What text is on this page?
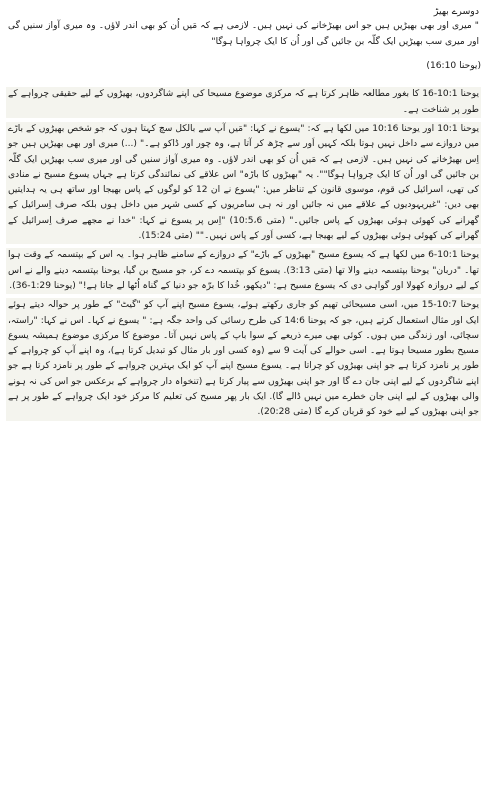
دوسرے بھیڑ

" میری اور بھی بھیڑیں ہیں جو اس بھیڑخانے کی نہیں ہیں۔ لازمی ہے کہ مَیں اُن کو بھی اندر لاؤں۔ وہ میری آواز سنیں گی اور میری سب بھیڑیں ایک گلّہ بن جائیں گی اور اُن کا ایک چرواہا ہوگا"

(یوحنا 16:10)

یوحنا 10:1-16 کا بغور مطالعہ ظاہر کرتا ہے کہ مرکزی موضوع مسیحا کی اپنے شاگردوں، بھیڑوں کے لیے حقیقی چرواہے کے طور پر شناخت ہے۔

یوحنا 10:1 اور یوحنا 10:16 میں لکھا ہے کہ: "یسوع نے کہا: "مَیں آپ سے بالکل سچ کہتا ہوں کہ جو شخص بھیڑوں کے باڑے میں دروازے سے داخل نہیں ہوتا بلکہ کہیں اَور سے چڑھ کر آتا ہے، وہ چور اور ڈاکو ہے۔" (...) میری اور بھی بھیڑیں ہیں جو اِس بھیڑخانے کی نہیں ہیں۔ لازمی ہے کہ مَیں اُن کو بھی اندر لاؤں۔ وہ میری آواز سنیں گی اور میری سب بھیڑیں ایک گلّہ بن جائیں گی اور اُن کا ایک چرواہا ہوگا"". یہ "بھیڑوں کا باڑہ" اس علاقے کی نمائندگی کرتا ہے جہاں یسوع مسیح نے منادی کی تھی، اسرائیل کی قوم، موسوی قانون کے تناظر میں: "یسوع نے ان 12 کو لوگوں کے پاس بھیجا اور ساتھ ہی یہ ہدایتیں بھی دیں: "غیریہودیوں کے علاقے میں نہ جائیں اور نہ ہی سامریوں کے کسی شہر میں داخل ہوں بلکہ صرف اِسرائیل کے گھرانے کی کھوئی ہوئی بھیڑوں کے پاس جائیں۔" (متی 10:5،6) "اِس پر یسوع نے کہا: "خدا نے مجھے صرف اِسرائیل کے گھرانے کی کھوئی ہوئی بھیڑوں کے لیے بھیجا ہے، کسی اَور کے پاس نہیں۔"" (متی 15:24).

یوحنا 10:1-6 میں لکھا ہے کہ یسوع مسیح "بھیڑوں کے باڑے" کے دروازے کے سامنے ظاہر ہوا۔ یہ اس کے بپتسمہ کے وقت ہوا تھا۔ "دربان" یوحنا بپتسمہ دینے والا تھا (متی 3:13). یسوع کو بپتسمہ دے کر، جو مسیح بن گیا، یوحنا بپتسمہ دینے والے نے اس کے لیے دروازہ کھولا اور گواہی دی کہ یسوع مسیح ہے: "دیکھو، خُدا کا برّہ جو دنیا کے گناہ اُٹھا لے جاتا ہے!" (یوحنا 1:29-36).

یوحنا 10:7-15 میں، اسی مسیحائی تھیم کو جاری رکھتے ہوئے، یسوع مسیح اپنے آپ کو "گیٹ" کے طور پر حوالہ دیتے ہوئے ایک اور مثال استعمال کرتے ہیں، جو کہ یوحنا 14:6 کی طرح رسائی کی واحد جگہ ہے: " یسوع نے کہا۔ اس نے کہا: "راستہ، سچائی، اور زندگی میں ہوں۔ کوئی بھی میرے ذریعے کے سوا باپ کے پاس نہیں آتا۔ موضوع کا مرکزی موضوع ہمیشہ یسوع مسیح بطور مسیحا ہوتا ہے۔ اسی حوالے کی آیت 9 سے (وہ کسی اور بار مثال کو تبدیل کرتا ہے)، وہ اپنے آپ کو چرواہے کے طور پر نامزد کرتا ہے جو اپنی بھیڑوں کو چراتا ہے۔ یسوع مسیح اپنے آپ کو ایک بہترین چرواہے کے طور پر نامزد کرتا ہے جو اپنے شاگردوں کے لیے اپنی جان دے گا اور جو اپنی بھیڑوں سے پیار کرتا ہے (تنخواہ دار چرواہے کے برعکس جو اس کی نہ ہونے والی بھیڑوں کے لیے اپنی جان خطرے میں نہیں ڈالے گا). ایک بار پھر مسیح کی تعلیم کا مرکز خود ایک چرواہے کے طور پر ہے جو اپنی بھیڑوں کے لیے خود کو قربان کرے گا (متی 20:28).
